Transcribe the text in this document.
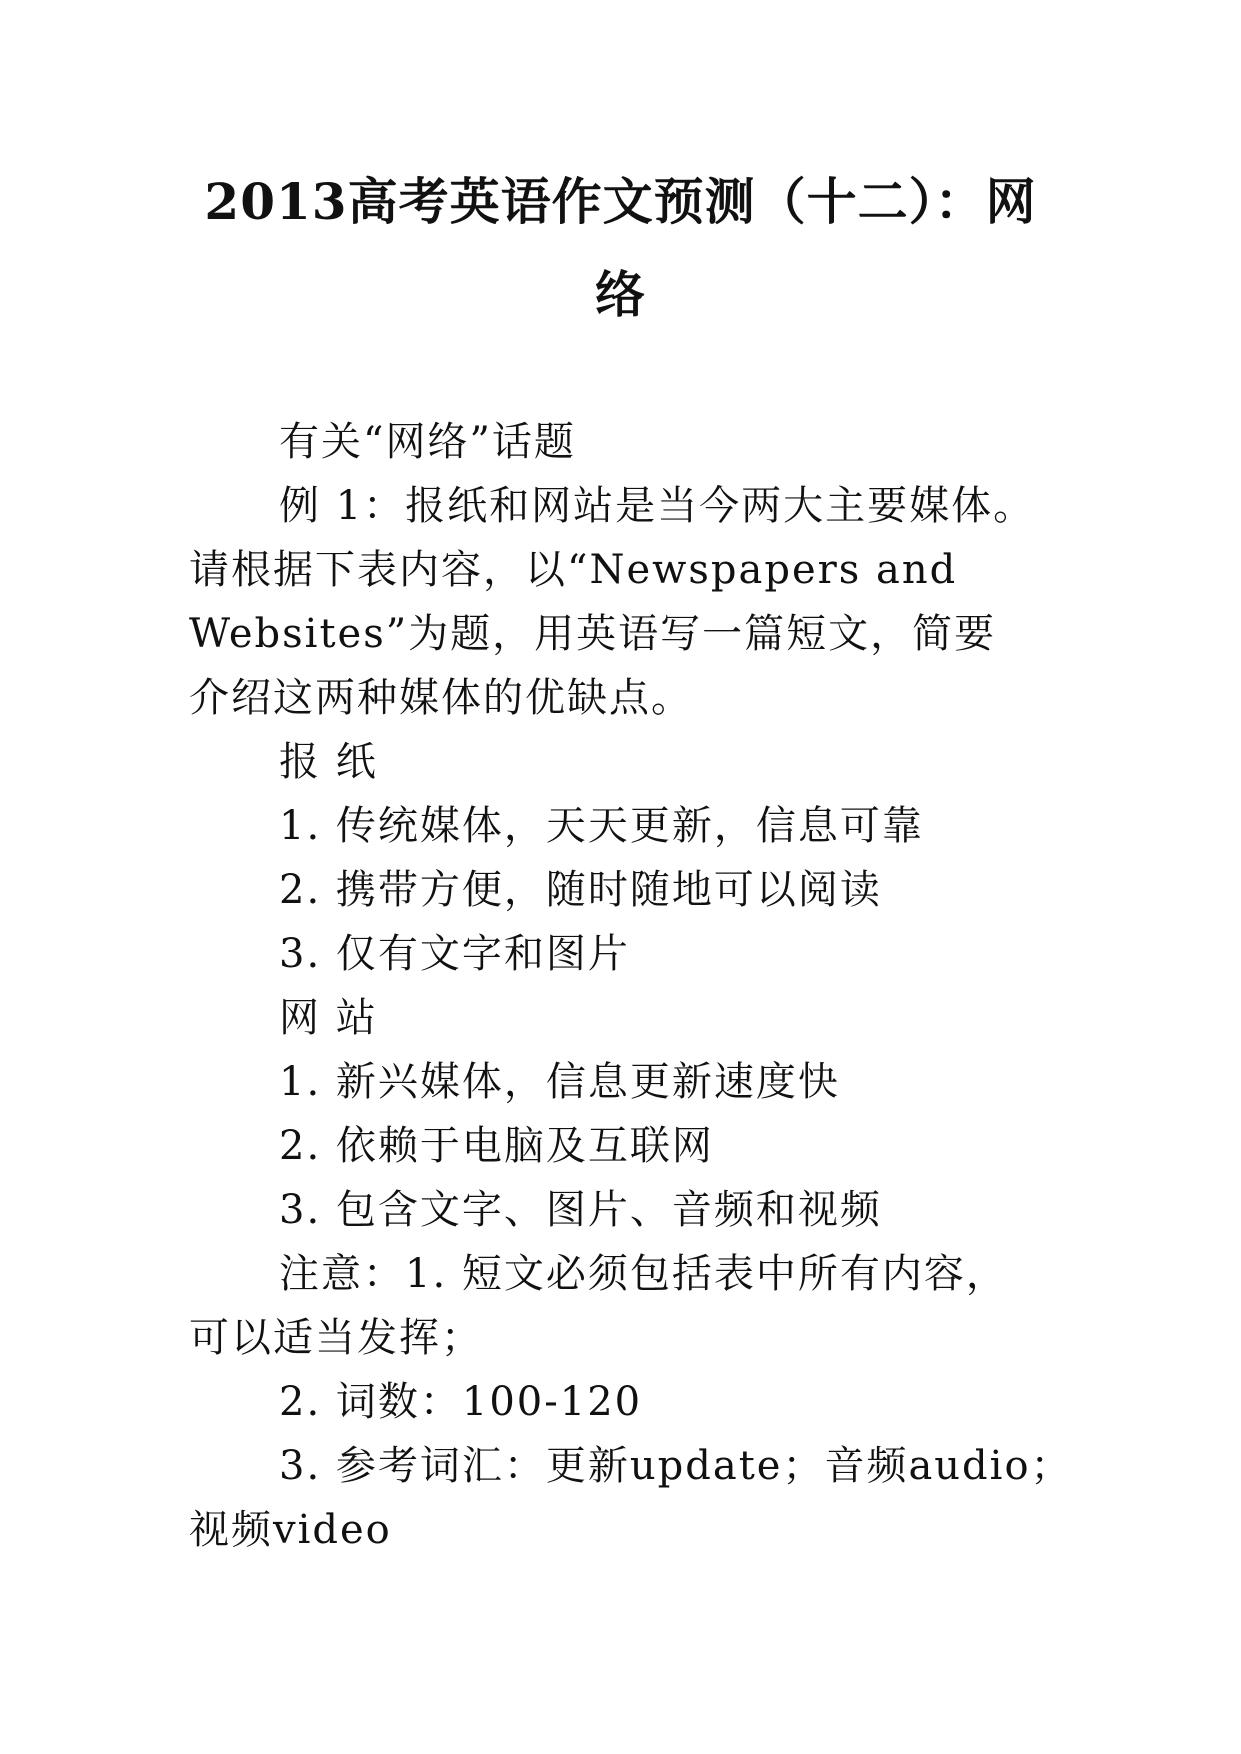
2013高考英语作文预测（十二）：网
络
有关“网络”话题
例 1：报纸和网站是当今两大主要媒体。
请根据下表内容，以“Newspapers and
Websites”为题，用英语写一篇短文，简要
介绍这两种媒体的优缺点。
报 纸
1. 传统媒体，天天更新，信息可靠
2. 携带方便，随时随地可以阅读
3. 仅有文字和图片
网 站
1. 新兴媒体，信息更新速度快
2. 依赖于电脑及互联网
3. 包含文字、图片、音频和视频
注意：1. 短文必须包括表中所有内容，
可以适当发挥；
2. 词数：100-120
3. 参考词汇：更新update；音频audio；
视频video
